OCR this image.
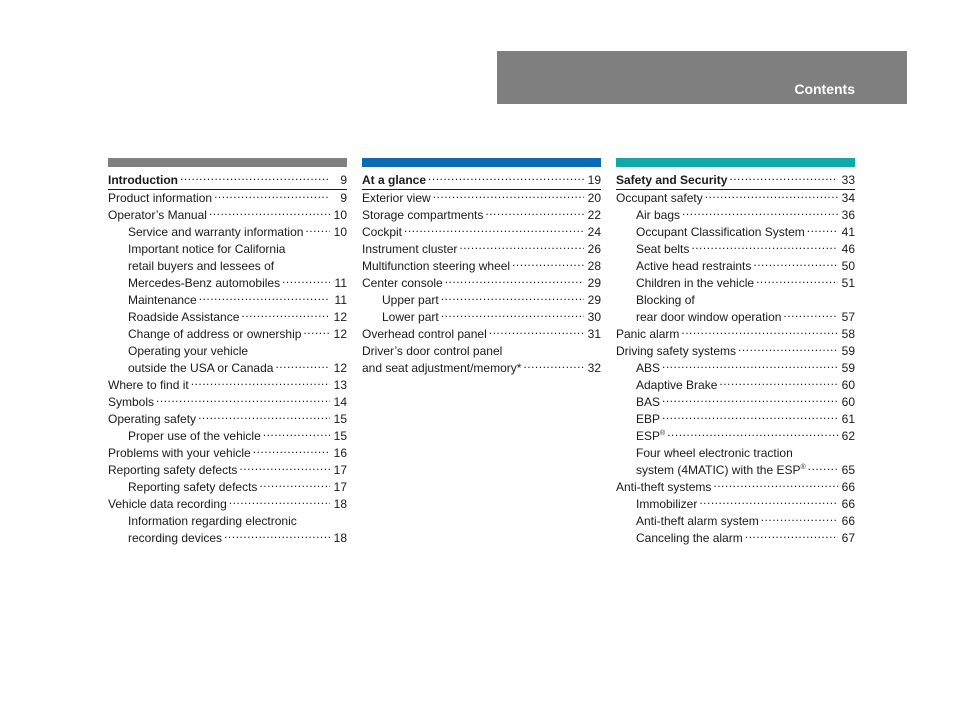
Contents
Introduction .....	9
Product information .....	9
Operator’s Manual .....	10
Service and warranty information .....	10
Important notice for California
retail buyers and lessees of
Mercedes-Benz automobiles .....	11
Maintenance .....	11
Roadside Assistance .....	12
Change of address or ownership .....	12
Operating your vehicle
outside the USA or Canada .....	12
Where to find it .....	13
Symbols .....	14
Operating safety .....	15
Proper use of the vehicle .....	15
Problems with your vehicle .....	16
Reporting safety defects .....	17
Reporting safety defects .....	17
Vehicle data recording .....	18
Information regarding electronic
recording devices .....	18
At a glance .....	19
Exterior view .....	20
Storage compartments .....	22
Cockpit .....	24
Instrument cluster .....	26
Multifunction steering wheel .....	28
Center console .....	29
Upper part .....	29
Lower part .....	30
Overhead control panel .....	31
Driver’s door control panel
and seat adjustment/memory* .....	32
Safety and Security .....	33
Occupant safety .....	34
Air bags .....	36
Occupant Classification System .....	41
Seat belts .....	46
Active head restraints .....	50
Children in the vehicle .....	51
Blocking of
rear door window operation .....	57
Panic alarm .....	58
Driving safety systems .....	59
ABS .....	59
Adaptive Brake .....	60
BAS .....	60
EBP .....	61
ESP® .....	62
Four wheel electronic traction
system (4MATIC) with the ESP® .....	65
Anti-theft systems .....	66
Immobilizer .....	66
Anti-theft alarm system .....	66
Canceling the alarm .....	67
